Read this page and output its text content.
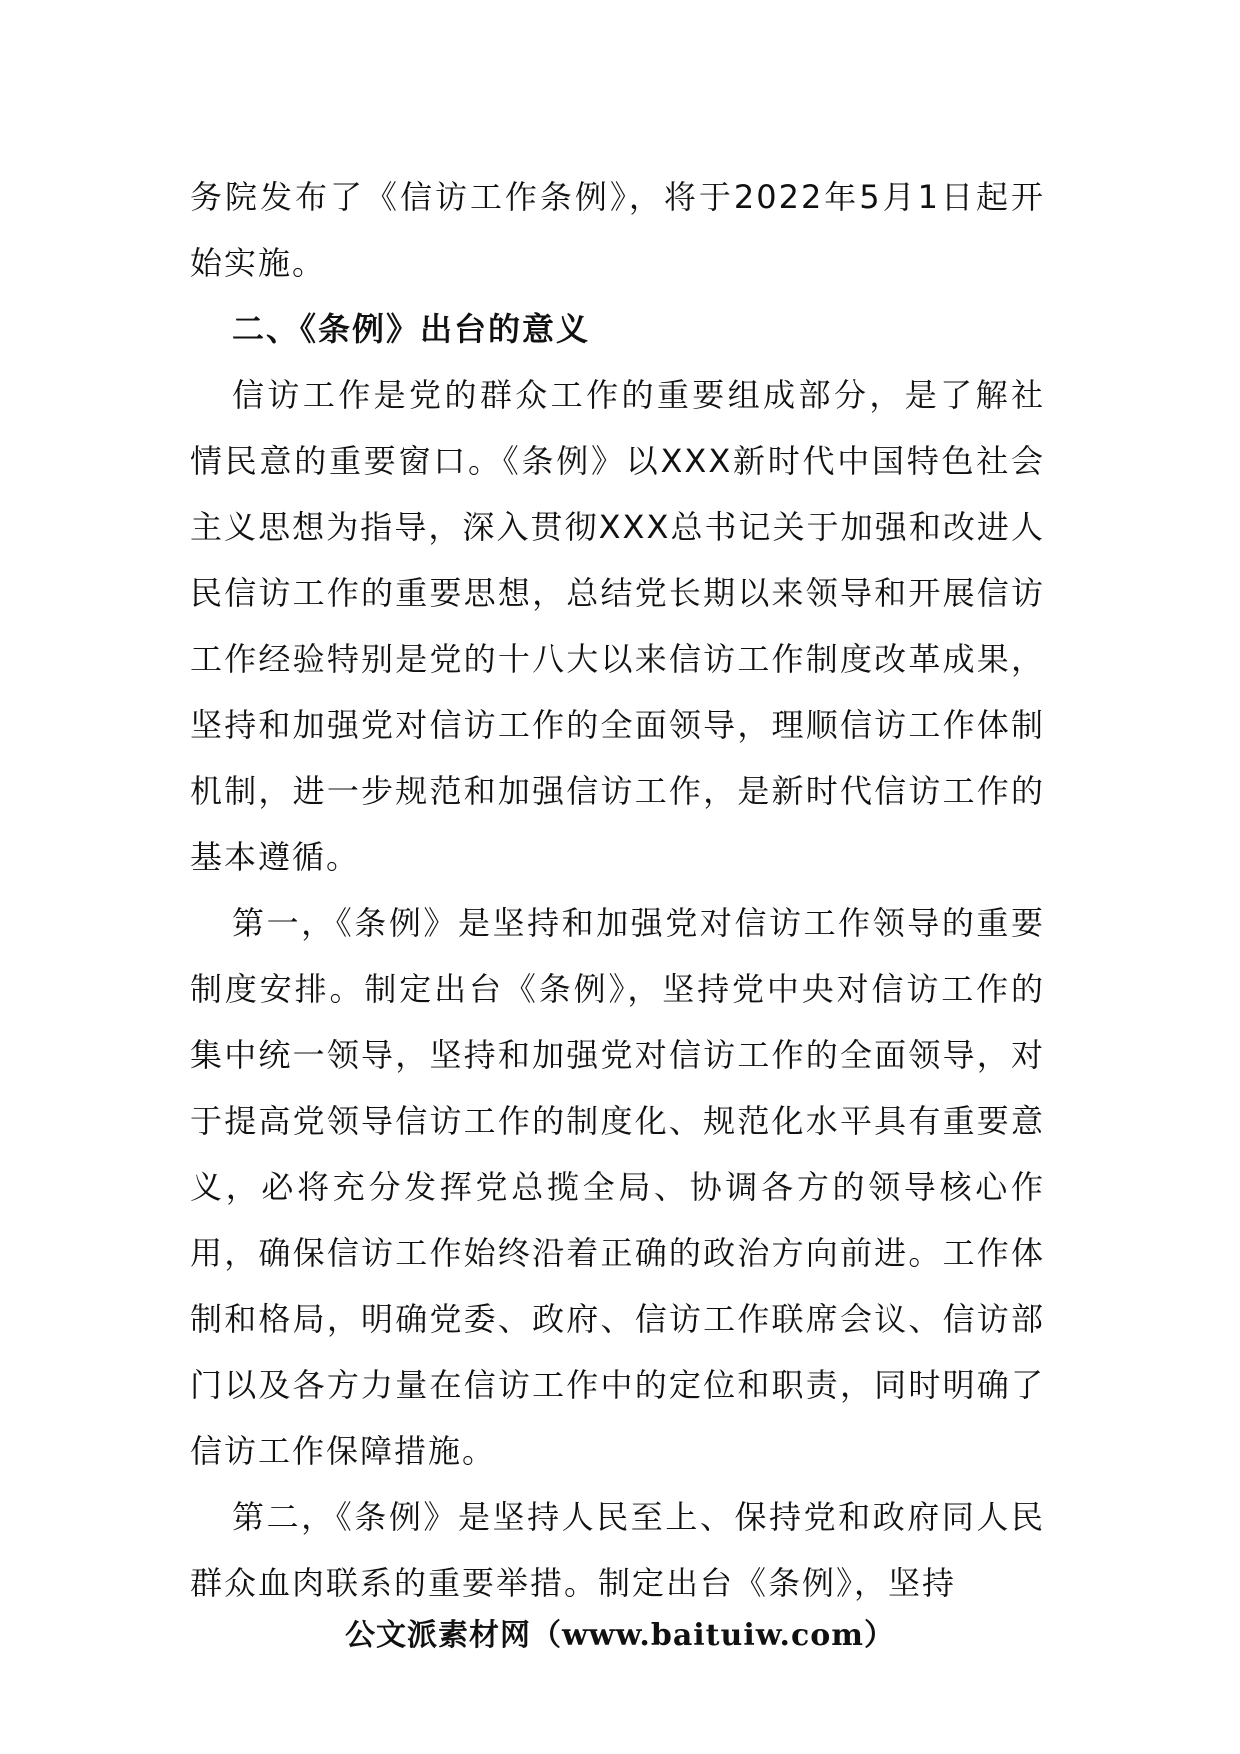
务院发布了《信访工作条例》，将于2022年5月1日起开始实施。

二、《条例》出台的意义

信访工作是党的群众工作的重要组成部分，是了解社情民意的重要窗口。《条例》以XXX新时代中国特色社会主义思想为指导，深入贯彻XXX总书记关于加强和改进人民信访工作的重要思想，总结党长期以来领导和开展信访工作经验特别是党的十八大以来信访工作制度改革成果，坚持和加强党对信访工作的全面领导，理顺信访工作体制机制，进一步规范和加强信访工作，是新时代信访工作的基本遵循。

第一，《条例》是坚持和加强党对信访工作领导的重要制度安排。制定出台《条例》，坚持党中央对信访工作的集中统一领导，坚持和加强党对信访工作的全面领导，对于提高党领导信访工作的制度化、规范化水平具有重要意义，必将充分发挥党总揽全局、协调各方的领导核心作用，确保信访工作始终沿着正确的政治方向前进。工作体制和格局，明确党委、政府、信访工作联席会议、信访部门以及各方力量在信访工作中的定位和职责，同时明确了信访工作保障措施。

第二，《条例》是坚持人民至上、保持党和政府同人民群众血肉联系的重要举措。制定出台《条例》，坚持

公文派素材网（www.baituiw.com）
